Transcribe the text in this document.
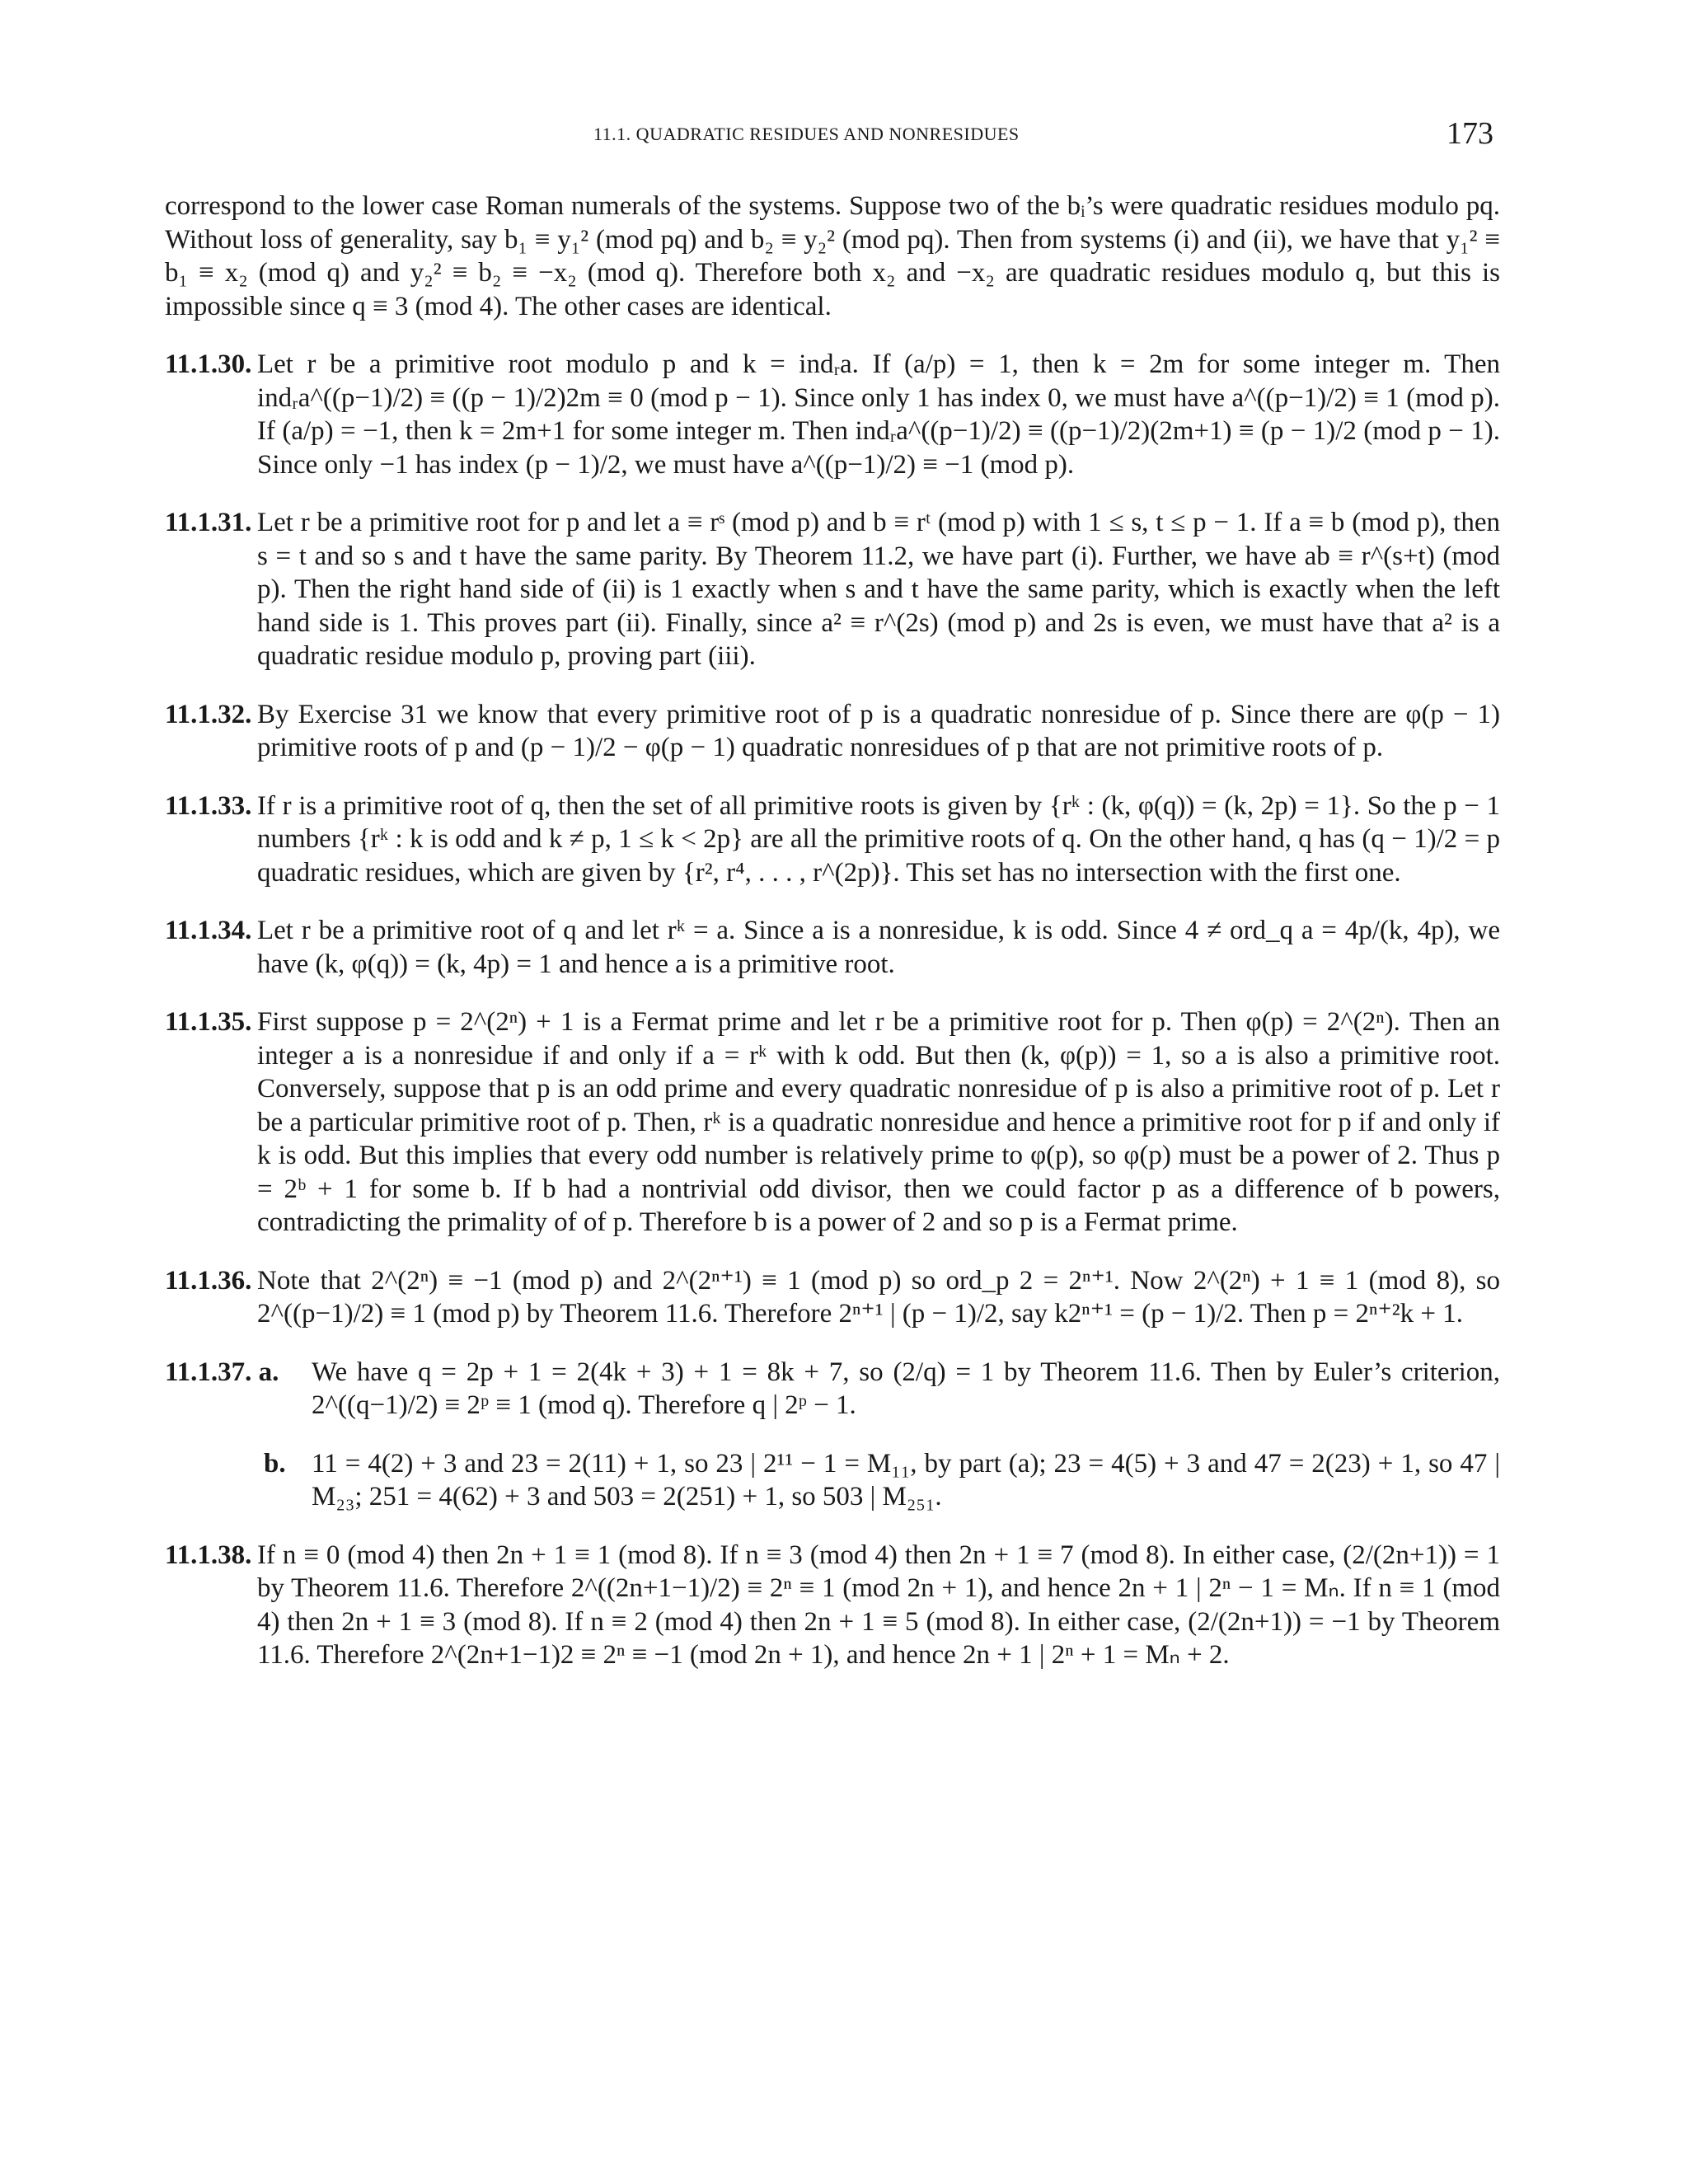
11.1. QUADRATIC RESIDUES AND NONRESIDUES	173

correspond to the lower case Roman numerals of the systems. Suppose two of the bᵢ’s were quadratic residues modulo pq. Without loss of generality, say b₁ ≡ y₁² (mod pq) and b₂ ≡ y₂² (mod pq). Then from systems (i) and (ii), we have that y₁² ≡ b₁ ≡ x₂ (mod q) and y₂² ≡ b₂ ≡ −x₂ (mod q). Therefore both x₂ and −x₂ are quadratic residues modulo q, but this is impossible since q ≡ 3 (mod 4). The other cases are identical.

11.1.30. Let r be a primitive root modulo p and k = indᵣa. If (a/p) = 1, then k = 2m for some integer m. Then indᵣa^((p−1)/2) ≡ ((p − 1)/2)2m ≡ 0 (mod p − 1). Since only 1 has index 0, we must have a^((p−1)/2) ≡ 1 (mod p). If (a/p) = −1, then k = 2m+1 for some integer m. Then indᵣa^((p−1)/2) ≡ ((p−1)/2)(2m+1) ≡ (p − 1)/2 (mod p − 1). Since only −1 has index (p − 1)/2, we must have a^((p−1)/2) ≡ −1 (mod p).
11.1.31. Let r be a primitive root for p and let a ≡ rˢ (mod p) and b ≡ rᵗ (mod p) with 1 ≤ s, t ≤ p − 1. If a ≡ b (mod p), then s = t and so s and t have the same parity. By Theorem 11.2, we have part (i). Further, we have ab ≡ r^(s+t) (mod p). Then the right hand side of (ii) is 1 exactly when s and t have the same parity, which is exactly when the left hand side is 1. This proves part (ii). Finally, since a² ≡ r^(2s) (mod p) and 2s is even, we must have that a² is a quadratic residue modulo p, proving part (iii).
11.1.32. By Exercise 31 we know that every primitive root of p is a quadratic nonresidue of p. Since there are φ(p − 1) primitive roots of p and (p − 1)/2 − φ(p − 1) quadratic nonresidues of p that are not primitive roots of p.
11.1.33. If r is a primitive root of q, then the set of all primitive roots is given by {rᵏ : (k, φ(q)) = (k, 2p) = 1}. So the p − 1 numbers {rᵏ : k is odd and k ≠ p, 1 ≤ k < 2p} are all the primitive roots of q. On the other hand, q has (q − 1)/2 = p quadratic residues, which are given by {r², r⁴, . . . , r^(2p)}. This set has no intersection with the first one.
11.1.34. Let r be a primitive root of q and let rᵏ = a. Since a is a nonresidue, k is odd. Since 4 ≠ ord_q a = 4p/(k, 4p), we have (k, φ(q)) = (k, 4p) = 1 and hence a is a primitive root.
11.1.35. First suppose p = 2^(2ⁿ) + 1 is a Fermat prime and let r be a primitive root for p. Then φ(p) = 2^(2ⁿ). Then an integer a is a nonresidue if and only if a = rᵏ with k odd. But then (k, φ(p)) = 1, so a is also a primitive root. Conversely, suppose that p is an odd prime and every quadratic nonresidue of p is also a primitive root of p. Let r be a particular primitive root of p. Then, rᵏ is a quadratic nonresidue and hence a primitive root for p if and only if k is odd. But this implies that every odd number is relatively prime to φ(p), so φ(p) must be a power of 2. Thus p = 2ᵇ + 1 for some b. If b had a nontrivial odd divisor, then we could factor p as a difference of b powers, contradicting the primality of of p. Therefore b is a power of 2 and so p is a Fermat prime.
11.1.36. Note that 2^(2ⁿ) ≡ −1 (mod p) and 2^(2ⁿ⁺¹) ≡ 1 (mod p) so ord_p 2 = 2ⁿ⁺¹. Now 2^(2ⁿ) + 1 ≡ 1 (mod 8), so 2^((p−1)/2) ≡ 1 (mod p) by Theorem 11.6. Therefore 2ⁿ⁺¹ | (p − 1)/2, say k2ⁿ⁺¹ = (p − 1)/2. Then p = 2ⁿ⁺²k + 1.
11.1.37. a. We have q = 2p + 1 = 2(4k + 3) + 1 = 8k + 7, so (2/q) = 1 by Theorem 11.6. Then by Euler’s criterion, 2^((q−1)/2) ≡ 2ᵖ ≡ 1 (mod q). Therefore q | 2ᵖ − 1.
b. 11 = 4(2) + 3 and 23 = 2(11) + 1, so 23 | 2¹¹ − 1 = M₁₁, by part (a); 23 = 4(5) + 3 and 47 = 2(23) + 1, so 47 | M₂₃; 251 = 4(62) + 3 and 503 = 2(251) + 1, so 503 | M₂₅₁.
11.1.38. If n ≡ 0 (mod 4) then 2n + 1 ≡ 1 (mod 8). If n ≡ 3 (mod 4) then 2n + 1 ≡ 7 (mod 8). In either case, (2/(2n+1)) = 1 by Theorem 11.6. Therefore 2^((2n+1−1)/2) ≡ 2ⁿ ≡ 1 (mod 2n + 1), and hence 2n + 1 | 2ⁿ − 1 = Mₙ. If n ≡ 1 (mod 4) then 2n + 1 ≡ 3 (mod 8). If n ≡ 2 (mod 4) then 2n + 1 ≡ 5 (mod 8). In either case, (2/(2n+1)) = −1 by Theorem 11.6. Therefore 2^(2n+1−1)2 ≡ 2ⁿ ≡ −1 (mod 2n + 1), and hence 2n + 1 | 2ⁿ + 1 = Mₙ + 2.
